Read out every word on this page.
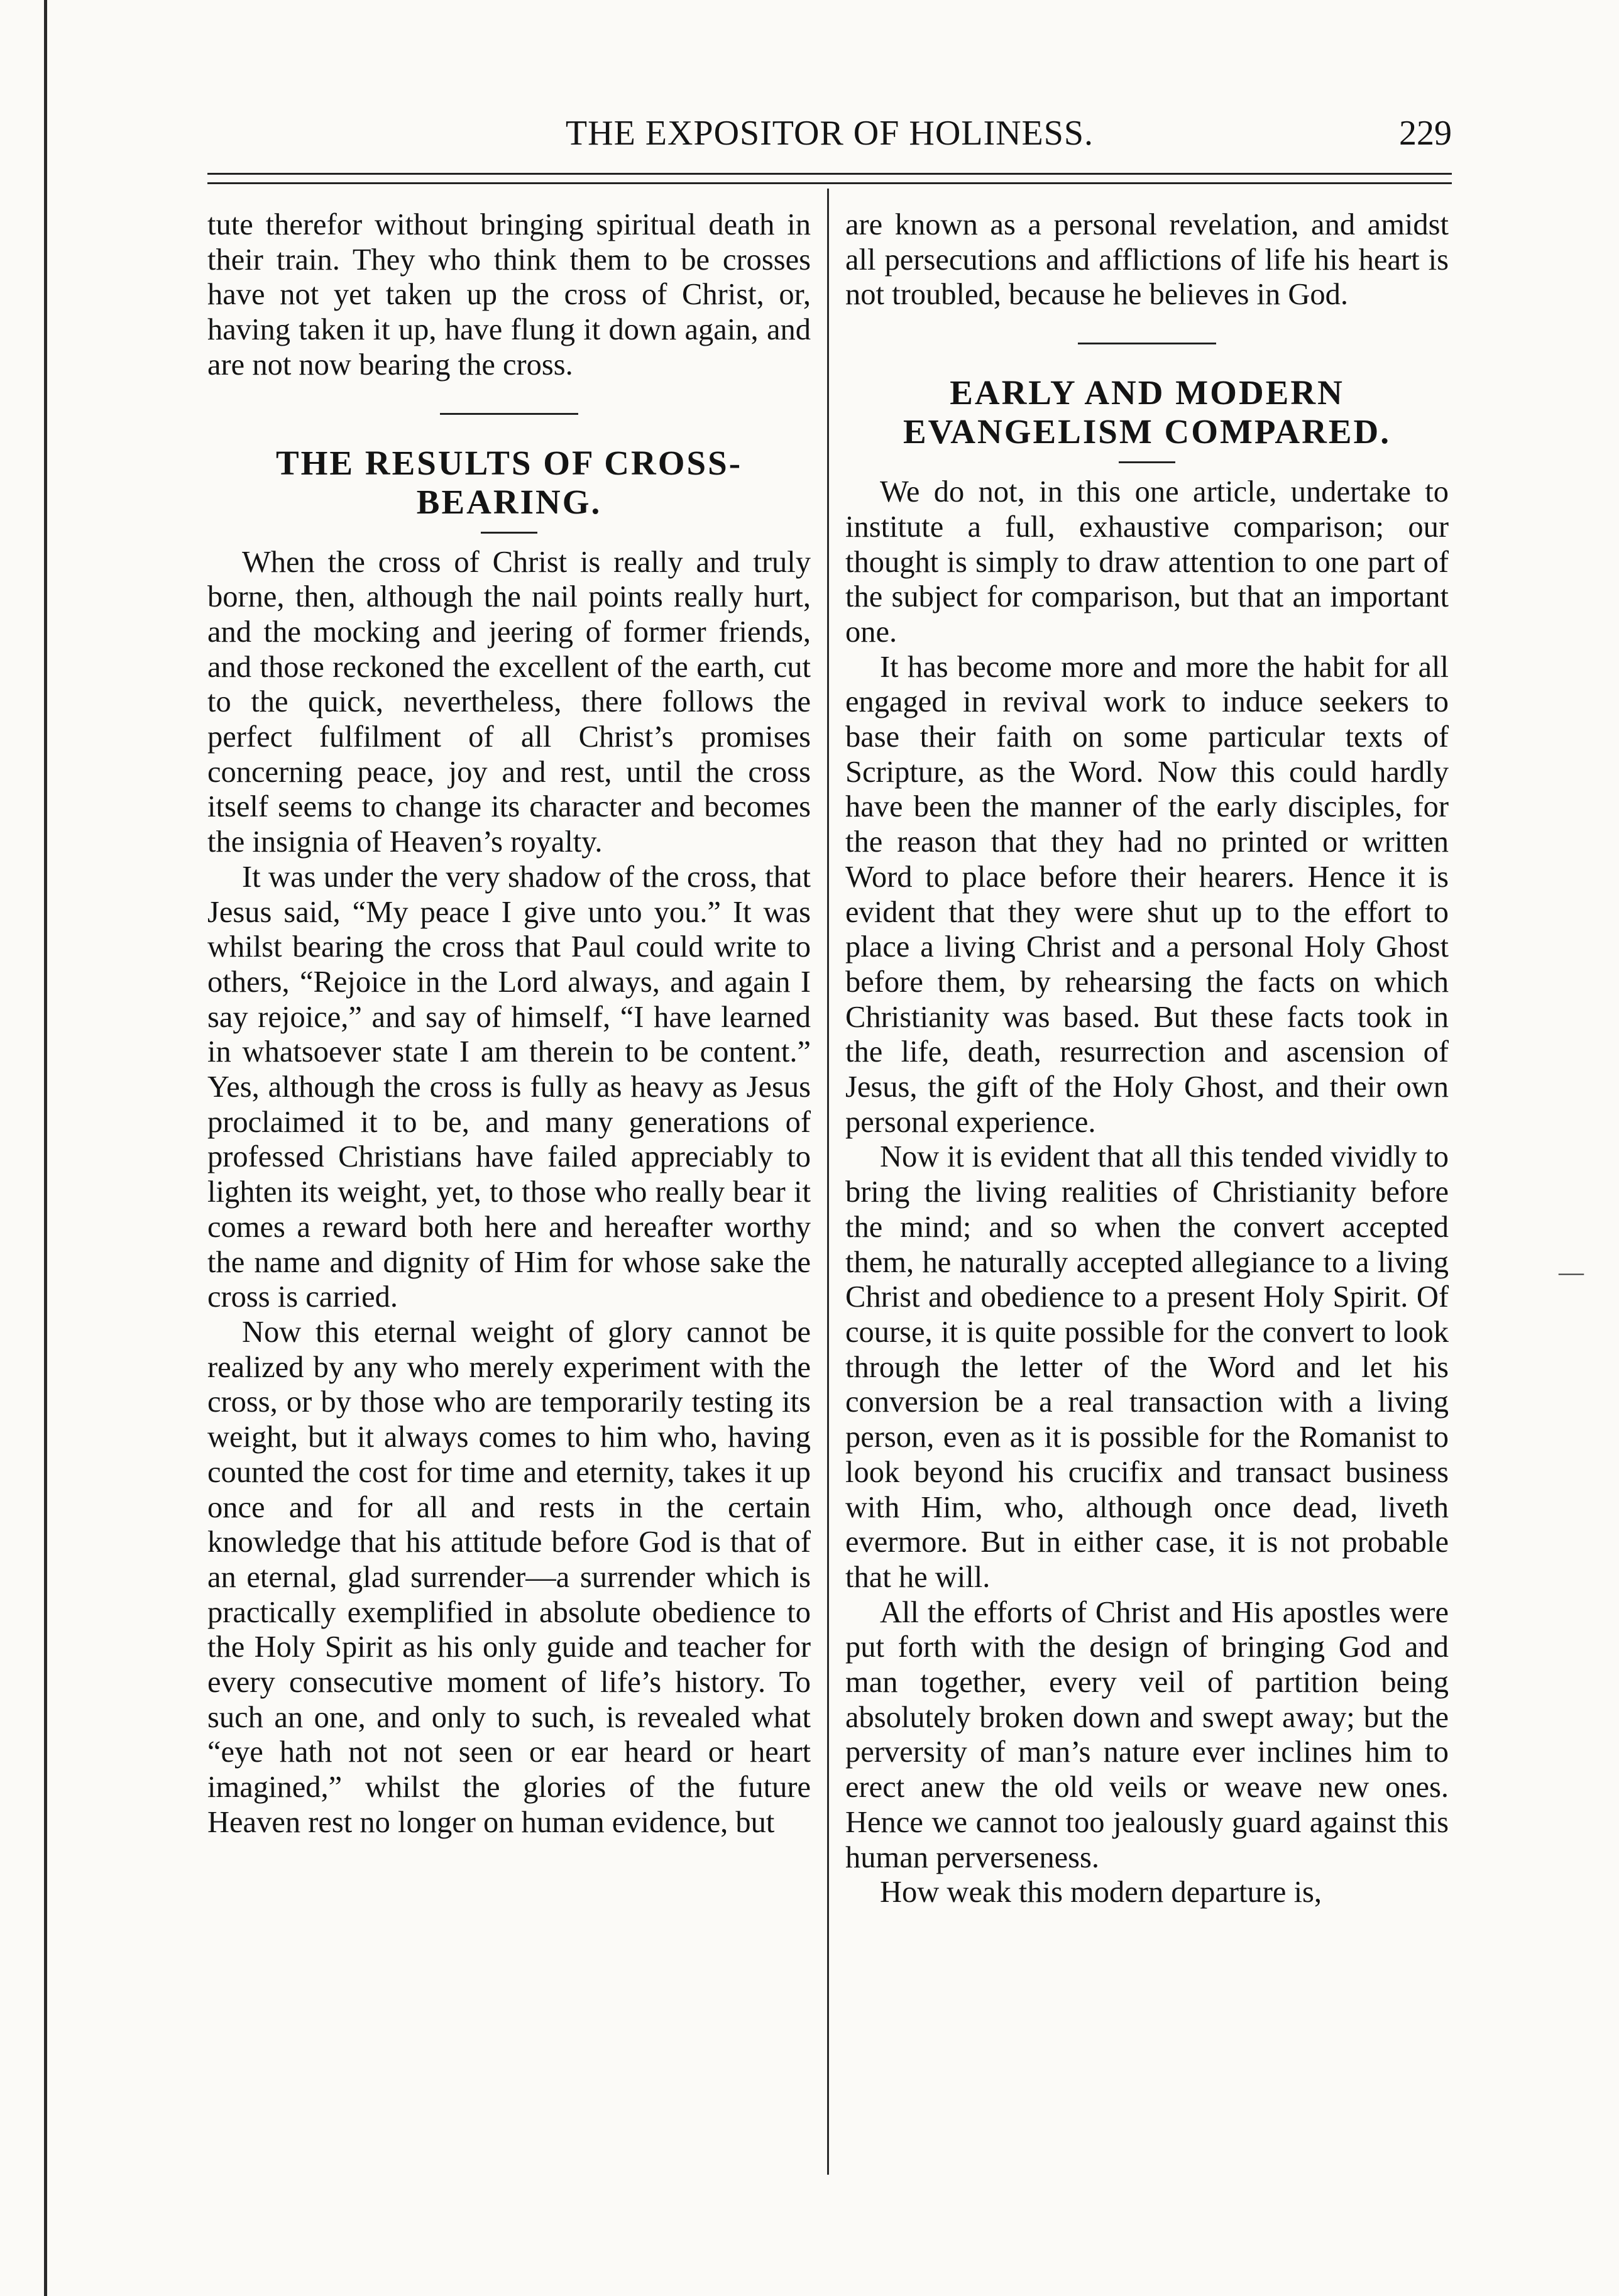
THE EXPOSITOR OF HOLINESS.	229

tute therefor without bringing spiritual death in their train. They who think them to be crosses have not yet taken up the cross of Christ, or, having taken it up, have flung it down again, and are not now bearing the cross.

THE RESULTS OF CROSS-BEARING.

When the cross of Christ is really and truly borne, then, although the nail points really hurt, and the mocking and jeering of former friends, and those reckoned the excellent of the earth, cut to the quick, nevertheless, there follows the perfect fulfilment of all Christ’s promises concerning peace, joy and rest, until the cross itself seems to change its character and becomes the insignia of Heaven’s royalty.

It was under the very shadow of the cross, that Jesus said, “My peace I give unto you.” It was whilst bearing the cross that Paul could write to others, “Rejoice in the Lord always, and again I say rejoice,” and say of himself, “I have learned in whatsoever state I am therein to be content.” Yes, although the cross is fully as heavy as Jesus proclaimed it to be, and many generations of professed Christians have failed appreciably to lighten its weight, yet, to those who really bear it comes a reward both here and hereafter worthy the name and dignity of Him for whose sake the cross is carried.

Now this eternal weight of glory cannot be realized by any who merely experiment with the cross, or by those who are temporarily testing its weight, but it always comes to him who, having counted the cost for time and eternity, takes it up once and for all and rests in the certain knowledge that his attitude before God is that of an eternal, glad surrender—a surrender which is practically exemplified in absolute obedience to the Holy Spirit as his only guide and teacher for every consecutive moment of life’s history. To such an one, and only to such, is revealed what “eye hath not not seen or ear heard or heart imagined,” whilst the glories of the future Heaven rest no longer on human evidence, but

are known as a personal revelation, and amidst all persecutions and afflictions of life his heart is not troubled, because he believes in God.

EARLY AND MODERN EVANGELISM COMPARED.

We do not, in this one article, undertake to institute a full, exhaustive comparison; our thought is simply to draw attention to one part of the subject for comparison, but that an important one.

It has become more and more the habit for all engaged in revival work to induce seekers to base their faith on some particular texts of Scripture, as the Word. Now this could hardly have been the manner of the early disciples, for the reason that they had no printed or written Word to place before their hearers. Hence it is evident that they were shut up to the effort to place a living Christ and a personal Holy Ghost before them, by rehearsing the facts on which Christianity was based. But these facts took in the life, death, resurrection and ascension of Jesus, the gift of the Holy Ghost, and their own personal experience.

Now it is evident that all this tended vividly to bring the living realities of Christianity before the mind; and so when the convert accepted them, he naturally accepted allegiance to a living Christ and obedience to a present Holy Spirit. Of course, it is quite possible for the convert to look through the letter of the Word and let his conversion be a real transaction with a living person, even as it is possible for the Romanist to look beyond his crucifix and transact business with Him, who, although once dead, liveth evermore. But in either case, it is not probable that he will.

All the efforts of Christ and His apostles were put forth with the design of bringing God and man together, every veil of partition being absolutely broken down and swept away; but the perversity of man’s nature ever inclines him to erect anew the old veils or weave new ones. Hence we cannot too jealously guard against this human perverseness.

How weak this modern departure is,

—
